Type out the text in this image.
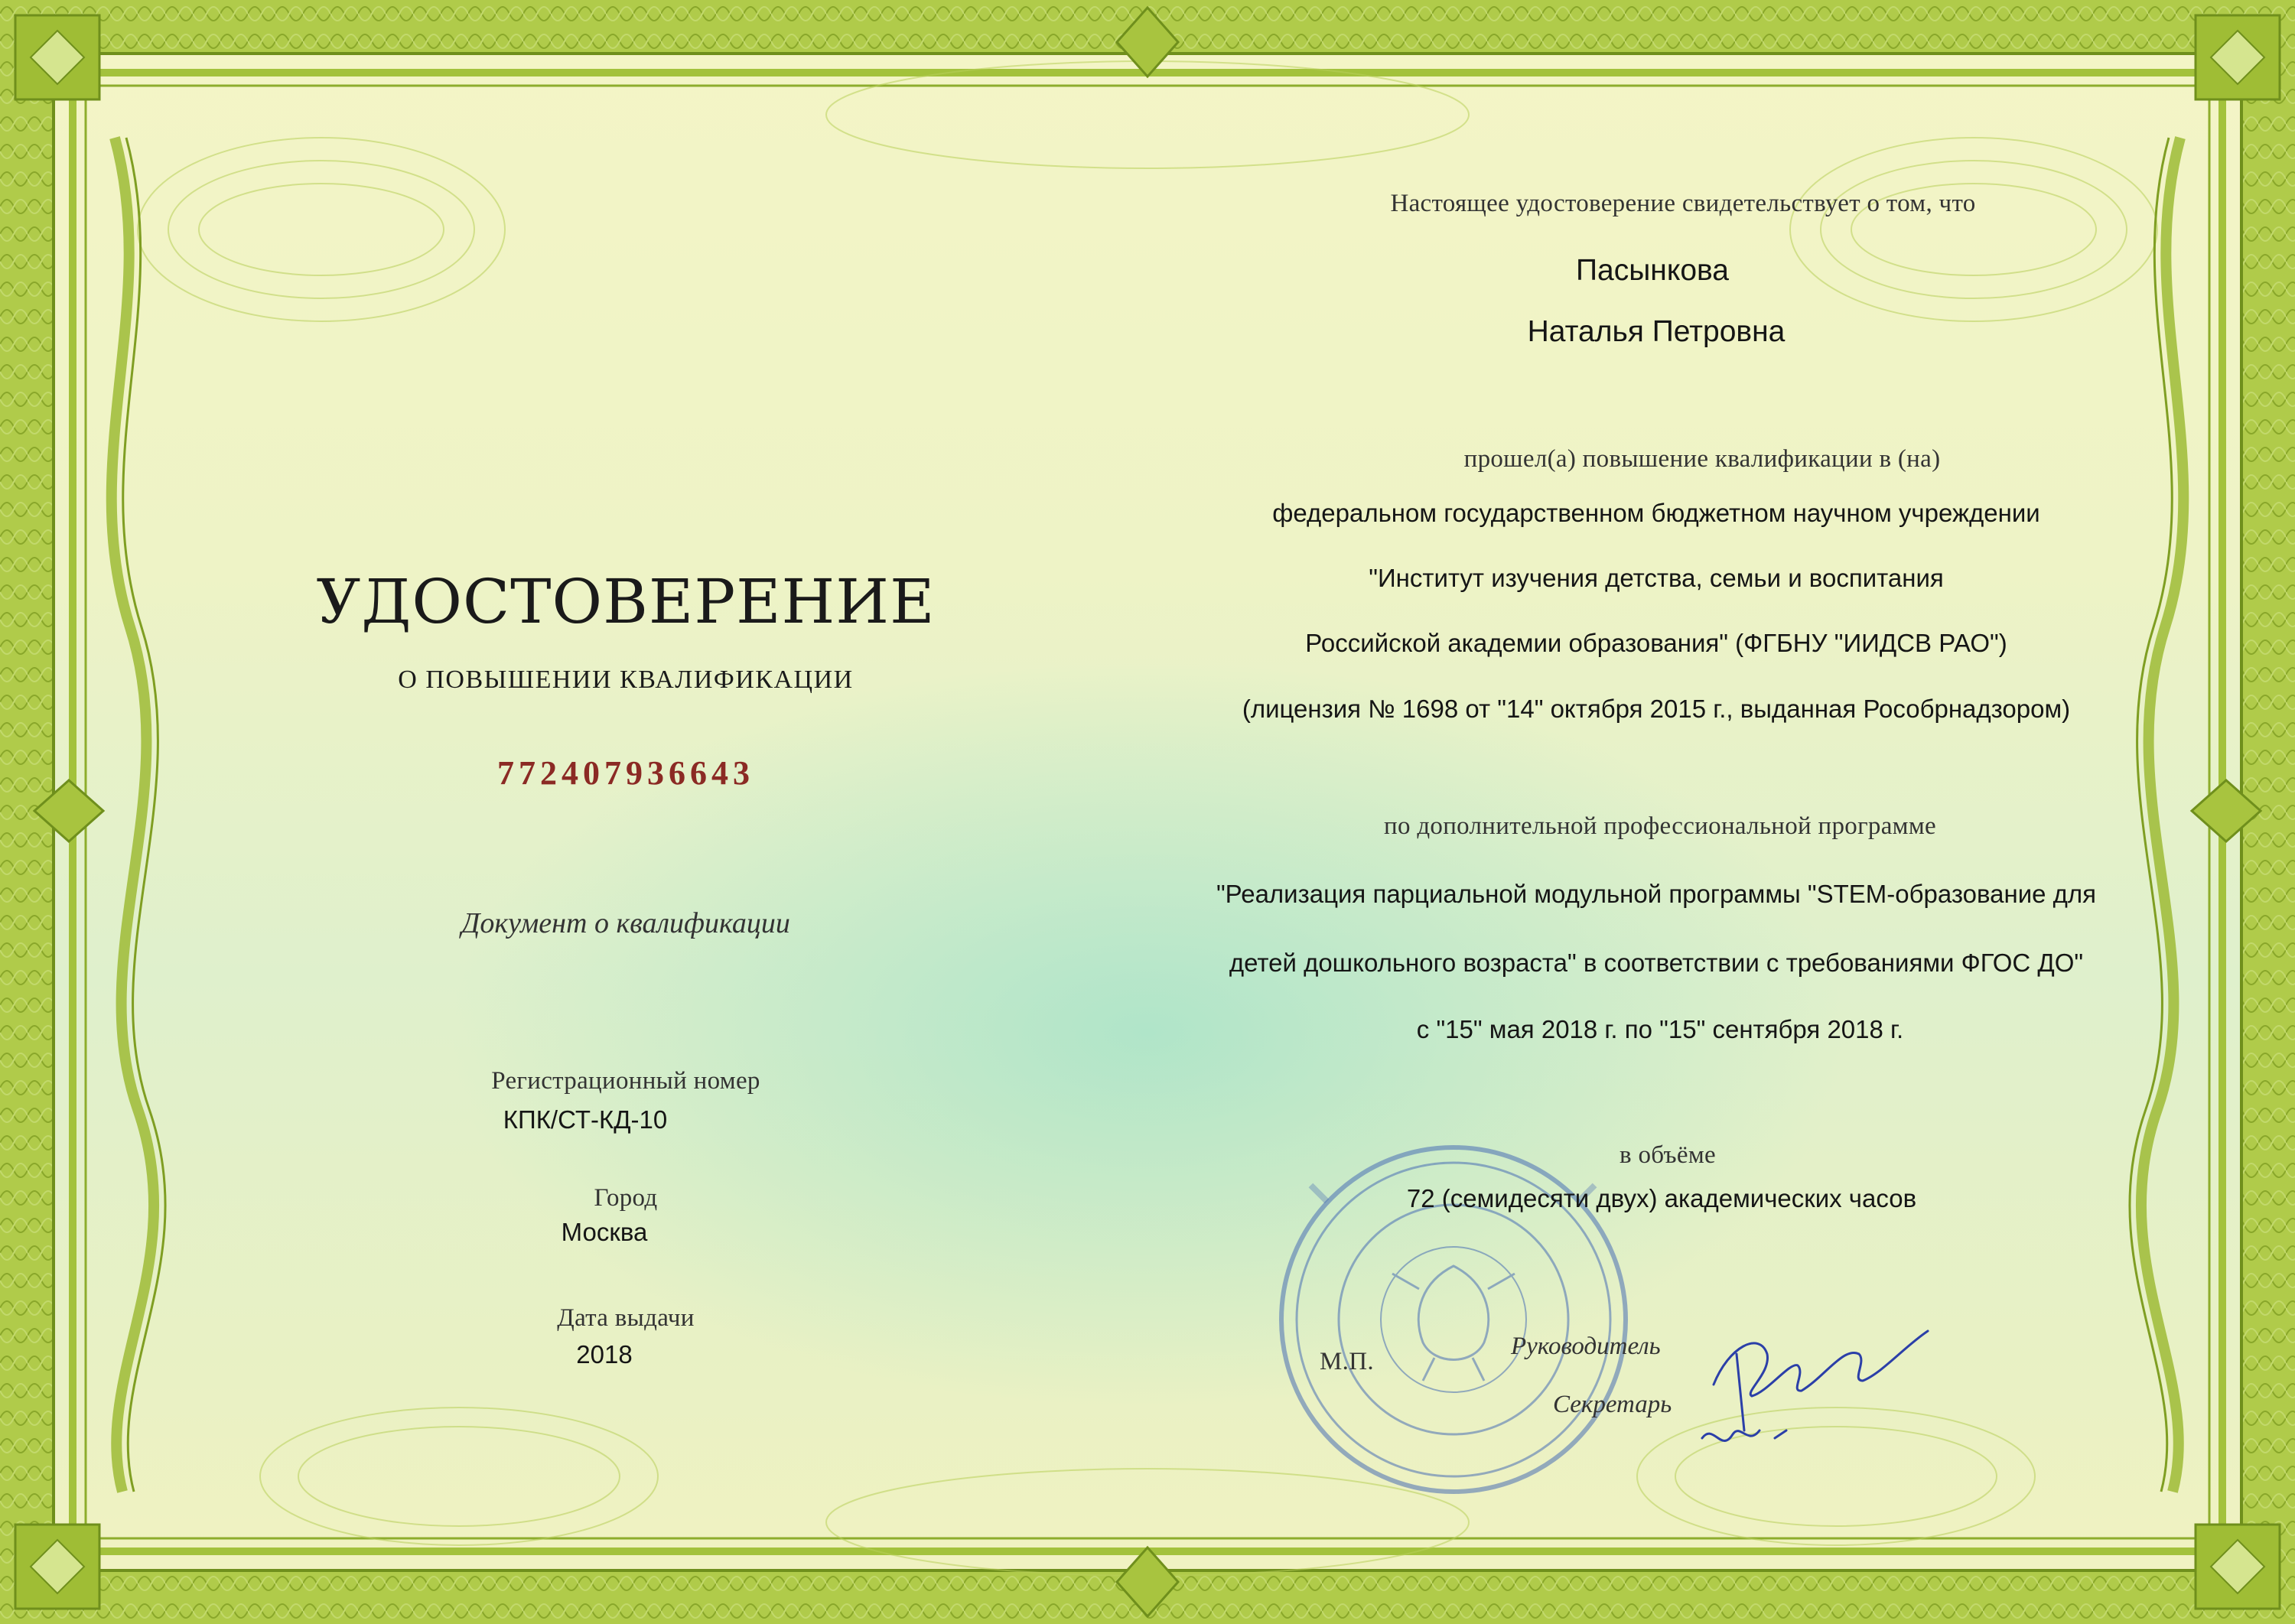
УДОСТОВЕРЕНИЕ
О ПОВЫШЕНИИ КВАЛИФИКАЦИИ
772407936643
Документ о квалификации
Регистрационный номер
КПК/СТ-КД-10
Город
Москва
Дата выдачи
2018
Настоящее удостоверение свидетельствует о том, что
Пасынкова
Наталья Петровна
прошел(а) повышение квалификации в (на)
федеральном государственном бюджетном научном учреждении
"Институт изучения детства, семьи и воспитания
Российской академии образования" (ФГБНУ "ИИДСВ РАО")
(лицензия № 1698 от "14" октября 2015 г., выданная Рособрнадзором)
по дополнительной профессиональной программе
"Реализация парциальной модульной программы "STEM-образование для
детей дошкольного возраста" в соответствии с требованиями ФГОС ДО"
с "15" мая 2018 г. по "15" сентября 2018 г.
в объёме
72 (семидесяти двух) академических часов
М.П.
Руководитель
Секретарь
